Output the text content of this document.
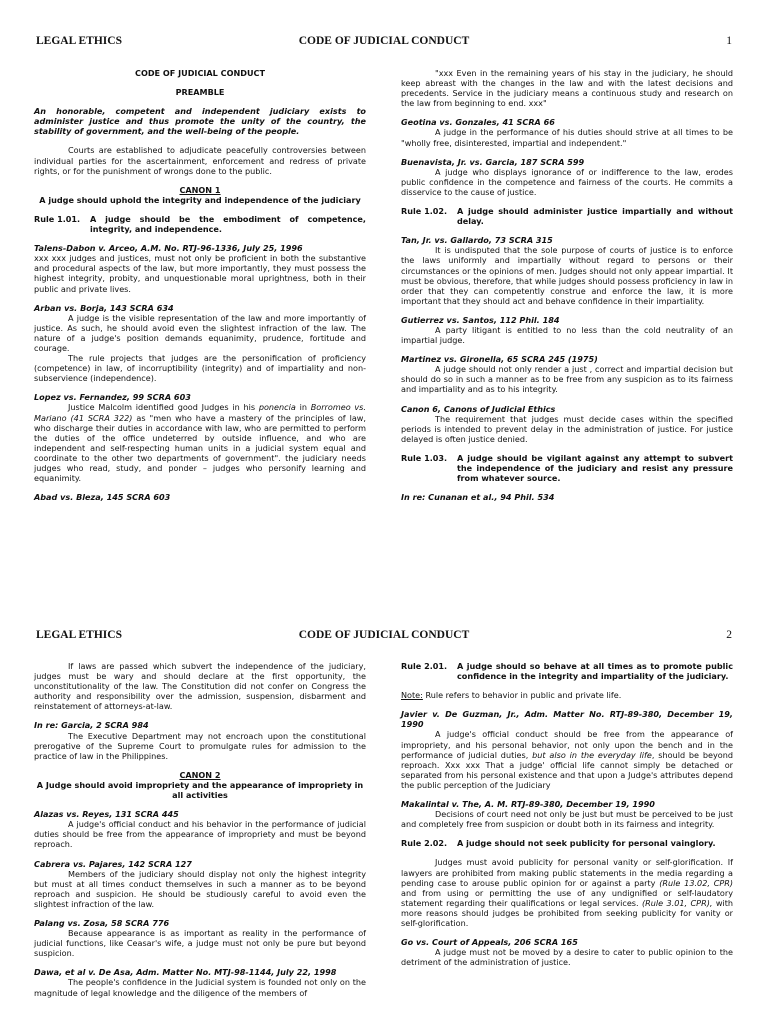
LEGAL ETHICS	CODE OF JUDICIAL CONDUCT	1

CODE OF JUDICIAL CONDUCT

PREAMBLE

An honorable, competent and independent judiciary exists to administer justice and thus promote the unity of the country, the stability of government, and the well-being of the people.

Courts are established to adjudicate peacefully controversies between individual parties for the ascertainment, enforcement and redress of private rights, or for the punishment of wrongs done to the public.

CANON 1

A judge should uphold the integrity and independence of the judiciary

Rule 1.01.	A judge should be the embodiment of competence, integrity, and independence.

Talens-Dabon v. Arceo, A.M. No. RTJ-96-1336, July 25, 1996

xxx xxx judges and justices, must not only be proficient in both the substantive and procedural aspects of the law, but more importantly, they must possess the highest integrity, probity, and unquestionable moral uprightness, both in their public and private lives.

Arban vs. Borja, 143 SCRA 634

A judge is the visible representation of the law and more importantly of justice. As such, he should avoid even the slightest infraction of the law. The nature of a judge's position demands equanimity, prudence, fortitude and courage.

The rule projects that judges are the personification of proficiency (competence) in law, of incorruptibility (integrity) and of impartiality and non-subservience (independence).

Lopez vs. Fernandez, 99 SCRA 603

Justice Malcolm identified good Judges in his ponencia in Borromeo vs. Mariano (41 SCRA 322) as "men who have a mastery of the principles of law, who discharge their duties in accordance with law, who are permitted to perform the duties of the office undeterred by outside influence, and who are independent and self-respecting human units in a judicial system equal and coordinate to the other two departments of government". the judiciary needs judges who read, study, and ponder – judges who personify learning and equanimity.

Abad vs. Bleza, 145 SCRA 603

"xxx Even in the remaining years of his stay in the judiciary, he should keep abreast with the changes in the law and with the latest decisions and precedents. Service in the judiciary means a continuous study and research on the law from beginning to end. xxx"

Geotina vs. Gonzales, 41 SCRA 66

A judge in the performance of his duties should strive at all times to be "wholly free, disinterested, impartial and independent."

Buenavista, Jr. vs. Garcia, 187 SCRA 599

A judge who displays ignorance of or indifference to the law, erodes public confidence in the competence and fairness of the courts. He commits a disservice to the cause of justice.

Rule 1.02.	A judge should administer justice impartially and without delay.

Tan, Jr. vs. Gallardo, 73 SCRA 315

It is undisputed that the sole purpose of courts of justice is to enforce the laws uniformly and impartially without regard to persons or their circumstances or the opinions of men. Judges should not only appear impartial. It must be obvious, therefore, that while judges should possess proficiency in law in order that they can competently construe and enforce the law, it is more important that they should act and behave confidence in their impartiality.

Gutierrez vs. Santos, 112 Phil. 184

A party litigant is entitled to no less than the cold neutrality of an impartial judge.

Martinez vs. Gironella, 65 SCRA 245 (1975)

A judge should not only render a just , correct and impartial decision but should do so in such a manner as to be free from any suspicion as to its fairness and impartiality and as to his integrity.

Canon 6, Canons of Judicial Ethics

The requirement that judges must decide cases within the specified periods is intended to prevent delay in the administration of justice. For justice delayed is often justice denied.

Rule 1.03.	A judge should be vigilant against any attempt to subvert the independence of the judiciary and resist any pressure from whatever source.

In re: Cunanan et al., 94 Phil. 534

LEGAL ETHICS	CODE OF JUDICIAL CONDUCT	2

If laws are passed which subvert the independence of the judiciary, judges must be wary and should declare at the first opportunity, the unconstitutionality of the law. The Constitution did not confer on Congress the authority and responsibility over the admission, suspension, disbarment and reinstatement of attorneys-at-law.

In re: Garcia, 2 SCRA 984

The Executive Department may not encroach upon the constitutional prerogative of the Supreme Court to promulgate rules for admission to the practice of law in the Philippines.

CANON 2

A Judge should avoid impropriety and the appearance of impropriety in all activities

Alazas vs. Reyes, 131 SCRA 445

A judge's official conduct and his behavior in the performance of judicial duties should be free from the appearance of impropriety and must be beyond reproach.

Cabrera vs. Pajares, 142 SCRA 127

Members of the judiciary should display not only the highest integrity but must at all times conduct themselves in such a manner as to be beyond reproach and suspicion. He should be studiously careful to avoid even the slightest infraction of the law.

Palang vs. Zosa, 58 SCRA 776

Because appearance is as important as reality in the performance of judicial functions, like Ceasar's wife, a judge must not only be pure but beyond suspicion.

Dawa, et al v. De Asa, Adm. Matter No. MTJ-98-1144, July 22, 1998

The people's confidence in the Judicial system is founded not only on the magnitude of legal knowledge and the diligence of the members of

Rule 2.01.	A judge should so behave at all times as to promote public confidence in the integrity and impartiality of the judiciary.

Note: Rule refers to behavior in public and private life.

Javier v. De Guzman, Jr., Adm. Matter No. RTJ-89-380, December 19, 1990

A judge's official conduct should be free from the appearance of impropriety, and his personal behavior, not only upon the bench and in the performance of judicial duties, but also in the everyday life, should be beyond reproach. Xxx xxx That a judge' official life cannot simply be detached or separated from his personal existence and that upon a Judge's attributes depend the public perception of the Judiciary

Makalintal v. The, A. M. RTJ-89-380, December 19, 1990

Decisions of court need not only be just but must be perceived to be just and completely free from suspicion or doubt both in its fairness and integrity.

Rule 2.02.	A judge should not seek publicity for personal vainglory.

Judges must avoid publicity for personal vanity or self-glorification. If lawyers are prohibited from making public statements in the media regarding a pending case to arouse public opinion for or against a party (Rule 13.02, CPR) and from using or permitting the use of any undignified or self-laudatory statement regarding their qualifications or legal services. (Rule 3.01, CPR), with more reasons should judges be prohibited from seeking publicity for vanity or self-glorification.

Go vs. Court of Appeals, 206 SCRA 165

A judge must not be moved by a desire to cater to public opinion to the detriment of the administration of justice.
